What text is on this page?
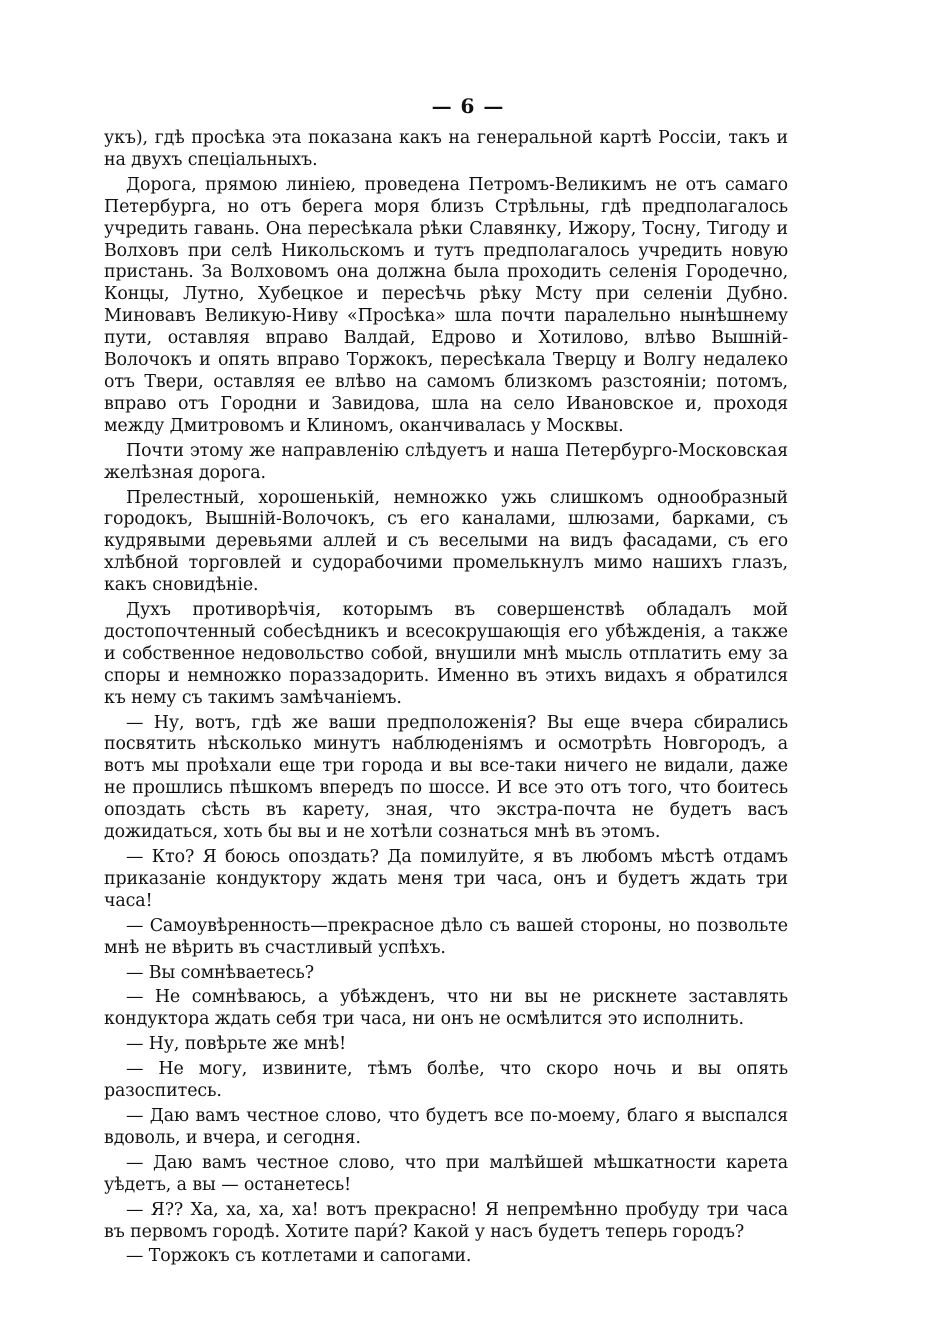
— 6 —

укъ), гдѣ просѣка эта показана какъ на генеральной картѣ Россіи, такъ и на двухъ спеціальныхъ.

Дорога, прямою линіею, проведена Петромъ-Великимъ не отъ самаго Петербурга, но отъ берега моря близъ Стрѣльны, гдѣ предполагалось учредить гавань. Она пересѣкала рѣки Славянку, Ижору, Тосну, Тигоду и Волховъ при селѣ Никольскомъ и тутъ предполагалось учредить новую пристань. За Волховомъ она должна была проходить селенія Городечно, Концы, Лутно, Хубецкое и пересѣчь рѣку Мсту при селеніи Дубно. Миновавъ Великую-Ниву «Просѣка» шла почти паралельно нынѣшнему пути, оставляя вправо Валдай, Едрово и Хотилово, влѣво Вышній-Волочокъ и опять вправо Торжокъ, пересѣкала Тверцу и Волгу недалеко отъ Твери, оставляя ее влѣво на самомъ близкомъ разстояніи; потомъ, вправо отъ Городни и Завидова, шла на село Ивановское и, проходя между Дмитровомъ и Клиномъ, оканчивалась у Москвы.

Почти этому же направленію слѣдуетъ и наша Петербурго-Московская желѣзная дорога.

Прелестный, хорошенькій, немножко ужь слишкомъ однообразный городокъ, Вышній-Волочокъ, съ его каналами, шлюзами, барками, съ кудрявыми деревьями аллей и съ веселыми на видъ фасадами, съ его хлѣбной торговлей и судорабочими промелькнулъ мимо нашихъ глазъ, какъ сновидѣніе.

Духъ противорѣчія, которымъ въ совершенствѣ обладалъ мой достопочтенный собесѣдникъ и всесокрушающія его убѣжденія, а также и собственное недовольство собой, внушили мнѣ мысль отплатить ему за споры и немножко пораззадорить. Именно въ этихъ видахъ я обратился къ нему съ такимъ замѣчаніемъ.

— Ну, вотъ, гдѣ же ваши предположенія? Вы еще вчера сбирались посвятить нѣсколько минутъ наблюденіямъ и осмотрѣть Новгородъ, а вотъ мы проѣхали еще три города и вы все-таки ничего не видали, даже не прошлись пѣшкомъ впередъ по шоссе. И все это отъ того, что боитесь опоздать сѣсть въ карету, зная, что экстра-почта не будетъ васъ дожидаться, хоть бы вы и не хотѣли сознаться мнѣ въ этомъ.

— Кто? Я боюсь опоздать? Да помилуйте, я въ любомъ мѣстѣ отдамъ приказаніе кондуктору ждать меня три часа, онъ и будетъ ждать три часа!

— Самоувѣренность—прекрасное дѣло съ вашей стороны, но позвольте мнѣ не вѣрить въ счастливый успѣхъ.

— Вы сомнѣваетесь?

— Не сомнѣваюсь, а убѣжденъ, что ни вы не рискнете заставлять кондуктора ждать себя три часа, ни онъ не осмѣлится это исполнить.

— Ну, повѣрьте же мнѣ!

— Не могу, извините, тѣмъ болѣе, что скоро ночь и вы опять разоспитесь.

— Даю вамъ честное слово, что будетъ все по-моему, благо я выспался вдоволь, и вчера, и сегодня.

— Даю вамъ честное слово, что при малѣйшей мѣшкатности карета уѣдетъ, а вы — останетесь!

— Я?? Ха, ха, ха, ха! вотъ прекрасно! Я непремѣнно пробуду три часа въ первомъ городѣ. Хотите пари́? Какой у насъ будетъ теперь городъ?

— Торжокъ съ котлетами и сапогами.
